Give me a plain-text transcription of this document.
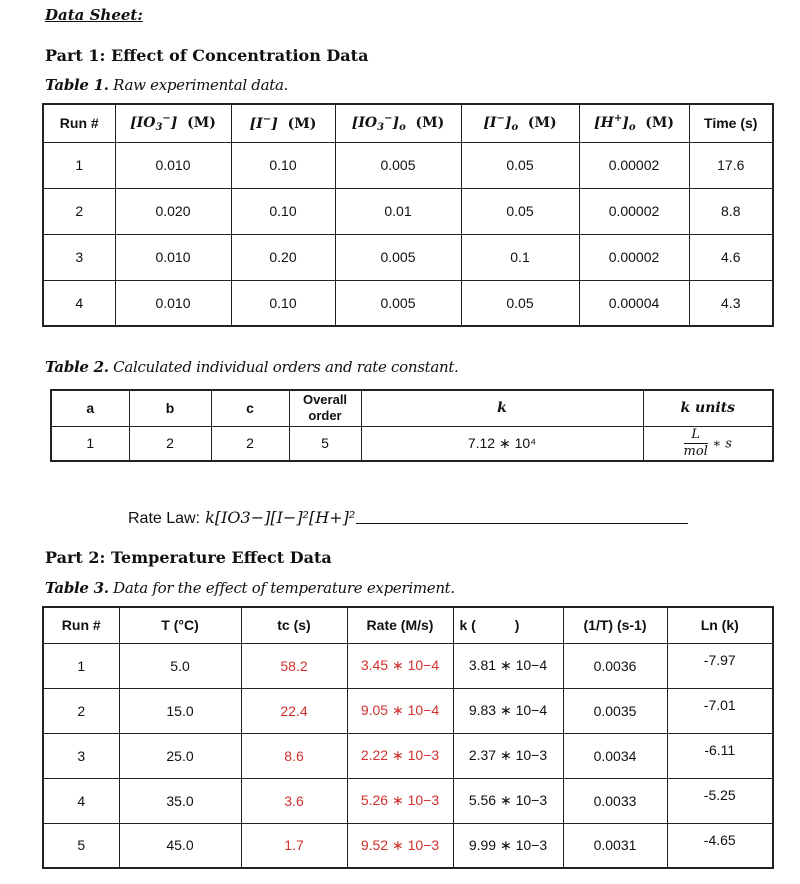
Data Sheet:
Part 1: Effect of Concentration Data
Table 1. Raw experimental data.
Run #	$[IO_3^-]$  (M)	[I−]  (M)	$[IO_3^-]_o$  (M)	$[I^-]_o$  (M)	$[H^+]_o$  (M)	Time (s)
1	0.010	0.10	0.005	0.05	0.00002	17.6
2	0.020	0.10	0.01	0.05	0.00002	8.8
3	0.010	0.20	0.005	0.1	0.00002	4.6
4	0.010	0.10	0.005	0.05	0.00004	4.3
Table 2. Calculated individual orders and rate constant.
a	b	c	Overall order	k	k units
1	2	2	5	7.12 ∗ 10⁴	$\frac{L}{\text{mol}}$ ∗ s
Rate Law: k[IO3−][I−]²[H+]²
Part 2: Temperature Effect Data
Table 3. Data for the effect of temperature experiment.
Run #	T (°C)	tc (s)	Rate (M/s)	k (          )	(1/T) (s-1)	Ln (k)
1	5.0	58.2	3.45 ∗ 10−4	3.81 ∗ 10−4	0.0036	-7.97
2	15.0	22.4	9.05 ∗ 10−4	9.83 ∗ 10−4	0.0035	-7.01
3	25.0	8.6	2.22 ∗ 10−3	2.37 ∗ 10−3	0.0034	-6.11
4	35.0	3.6	5.26 ∗ 10−3	5.56 ∗ 10−3	0.0033	-5.25
5	45.0	1.7	9.52 ∗ 10−3	9.99 ∗ 10−3	0.0031	-4.65
